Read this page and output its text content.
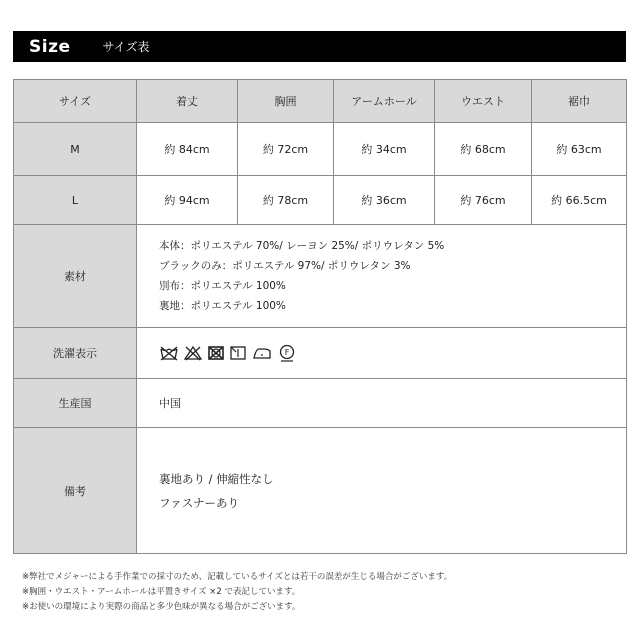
Size	サイズ表
サイズ	着丈	胸囲	アームホール	ウエスト	裾巾
M	約 84cm	約 72cm	約 34cm	約 68cm	約 63cm
L	約 94cm	約 78cm	約 36cm	約 76cm	約 66.5cm
素材	本体：ポリエステル 70%/ レーヨン 25%/ ポリウレタン 5%
ブラックのみ：ポリエステル 97%/ ポリウレタン 3%
別布：ポリエステル 100%
裏地：ポリエステル 100%				

洗濯表示	F				

生産国	中国				
備考	裏地あり / 伸縮性なし
ファスナーあり				
※弊社でメジャーによる手作業での採寸のため、記載しているサイズとは若干の誤差が生じる場合がございます。
※胸囲・ウエスト・アームホールは平置きサイズ ×2 で表記しています。
※お使いの環境により実際の商品と多少色味が異なる場合がございます。
